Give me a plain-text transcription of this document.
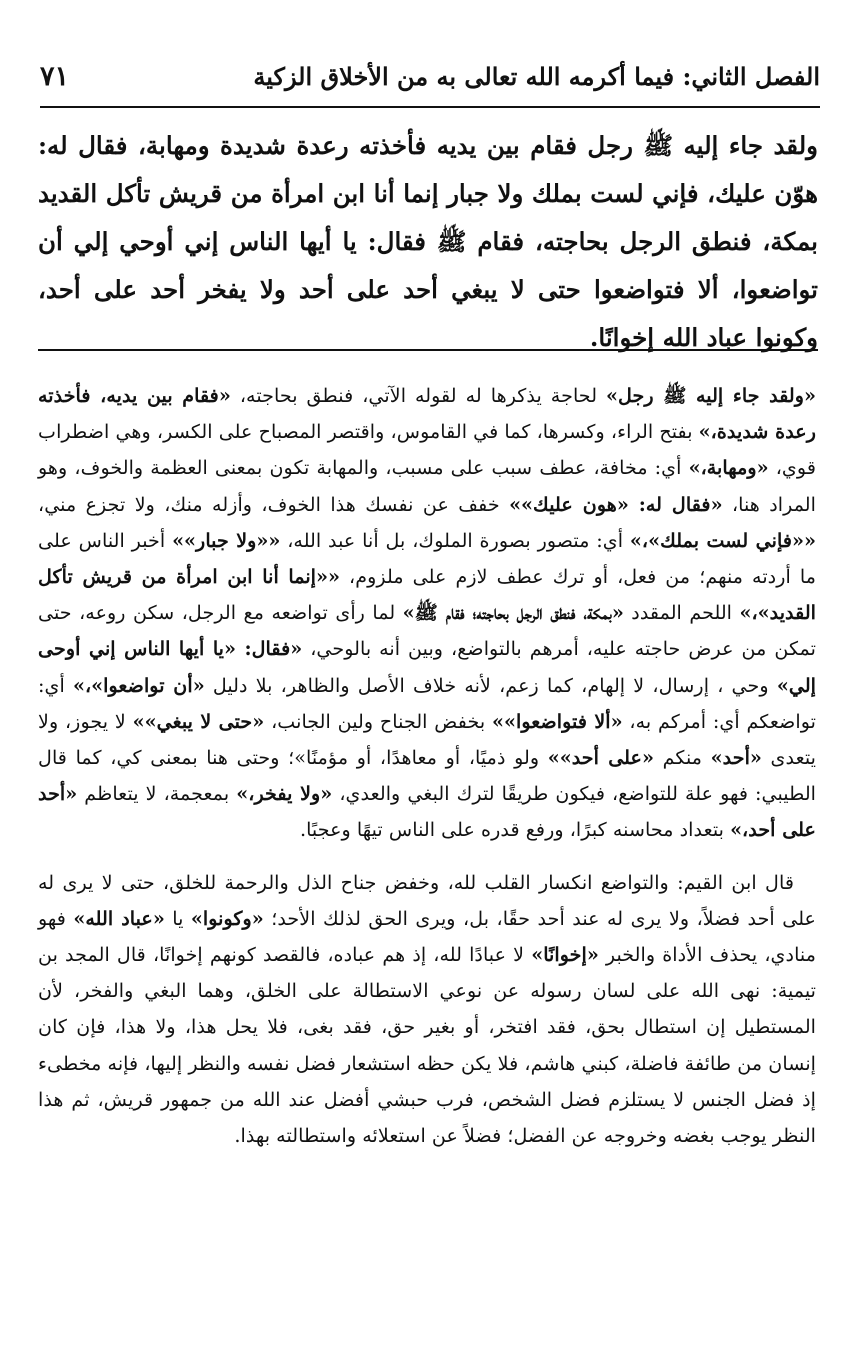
الفصل الثاني: فيما أكرمه الله تعالى به من الأخلاق الزكية
٧١
ولقد جاء إليه ﷺ رجل فقام بين يديه فأخذته رعدة شديدة ومهابة، فقال له: هوّن عليك، فإني لست بملك ولا جبار إنما أنا ابن امرأة من قريش تأكل القديد بمكة، فنطق الرجل بحاجته، فقام ﷺ فقال: يا أيها الناس إني أوحي إلي أن تواضعوا، ألا فتواضعوا حتى لا يبغي أحد على أحد ولا يفخر أحد على أحد، وكونوا عباد الله إخوانًا.

«ولقد جاء إليه ﷺ رجل» لحاجة يذكرها له لقوله الآتي، فنطق بحاجته، «فقام بين يديه، فأخذته رعدة شديدة،» بفتح الراء، وكسرها، كما في القاموس، واقتصر المصباح على الكسر، وهي اضطراب قوي، «ومهابة،» أي: مخافة، عطف سبب على مسبب، والمهابة تكون بمعنى العظمة والخوف، وهو المراد هنا، «فقال له: «هون عليك»» خفف عن نفسك هذا الخوف، وأزله منك، ولا تجزع مني، ««فإني لست بملك»،» أي: متصور بصورة الملوك، بل أنا عبد الله، ««ولا جبار»» أخبر الناس على ما أردته منهم؛ من فعل، أو ترك عطف لازم على ملزوم، ««إنما أنا ابن امرأة من قريش تأكل القديد»،» اللحم المقدد «بمكة، فنطق الرجل بحاجته؛ فقام ﷺ» لما رأى تواضعه مع الرجل، سكن روعه، حتى تمكن من عرض حاجته عليه، أمرهم بالتواضع، وبين أنه بالوحي، «فقال: «يا أيها الناس إني أوحى إلي» وحي ، إرسال، لا إلهام، كما زعم، لأنه خلاف الأصل والظاهر، بلا دليل «أن تواضعوا»،» أي: تواضعكم أي: أمركم به، «ألا فتواضعوا»» بخفض الجناح ولين الجانب، «حتى لا يبغي»» لا يجوز، ولا يتعدى «أحد» منكم «على أحد»» ولو ذميًا، أو معاهدًا، أو مؤمنًا»؛ وحتى هنا بمعنى كي، كما قال الطيبي: فهو علة للتواضع، فيكون طريقًا لترك البغي والعدي، «ولا يفخر،» بمعجمة، لا يتعاظم «أحد على أحد،» بتعداد محاسنه كبرًا، ورفع قدره على الناس تيهًا وعجبًا.

قال ابن القيم: والتواضع انكسار القلب لله، وخفض جناح الذل والرحمة للخلق، حتى لا يرى له على أحد فضلاً، ولا يرى له عند أحد حقًا، بل، ويرى الحق لذلك الأحد؛ «وكونوا» يا «عباد الله» فهو منادي، يحذف الأداة والخبر «إخوانًا» لا عبادًا لله، إذ هم عباده، فالقصد كونهم إخوانًا، قال المجد بن تيمية: نهى الله على لسان رسوله عن نوعي الاستطالة على الخلق، وهما البغي والفخر، لأن المستطيل إن استطال بحق، فقد افتخر، أو بغير حق، فقد بغى، فلا يحل هذا، ولا هذا، فإن كان إنسان من طائفة فاضلة، كبني هاشم، فلا يكن حظه استشعار فضل نفسه والنظر إليها، فإنه مخطىء إذ فضل الجنس لا يستلزم فضل الشخص، فرب حبشي أفضل عند الله من جمهور قريش، ثم هذا النظر يوجب بغضه وخروجه عن الفضل؛ فضلاً عن استعلائه واستطالته بهذا.
